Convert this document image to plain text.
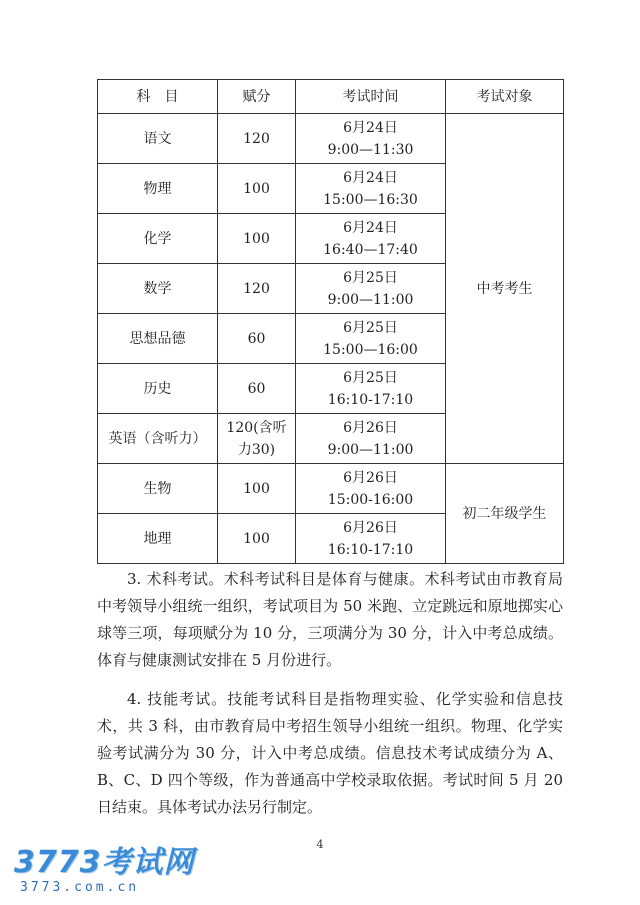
科　目	赋分	考试时间	考试对象
语文	120	6月24日
9:00—11:30	中考考生
物理	100	6月24日
15:00—16:30	

化学	100	6月24日
16:40—17:40	

数学	120	6月25日
9:00—11:00	

思想品德	60	6月25日
15:00—16:00	

历史	60	6月25日
16:10-17:10	

英语（含听力）	120(含听
力30)	6月26日
9:00—11:00	

生物	100	6月26日
15:00-16:00	初二年级学生
地理	100	6月26日
16:10-17:10	

3. 术科考试。术科考试科目是体育与健康。术科考试由市教育局中考领导小组统一组织，考试项目为 50 米跑、立定跳远和原地掷实心球等三项，每项赋分为 10 分，三项满分为 30 分，计入中考总成绩。体育与健康测试安排在 5 月份进行。

4. 技能考试。技能考试科目是指物理实验、化学实验和信息技术，共 3 科，由市教育局中考招生领导小组统一组织。物理、化学实验考试满分为 30 分，计入中考总成绩。信息技术考试成绩分为 A、B、C、D 四个等级，作为普通高中学校录取依据。考试时间 5 月 20 日结束。具体考试办法另行制定。

4
3773考试网
3773.com.cn
